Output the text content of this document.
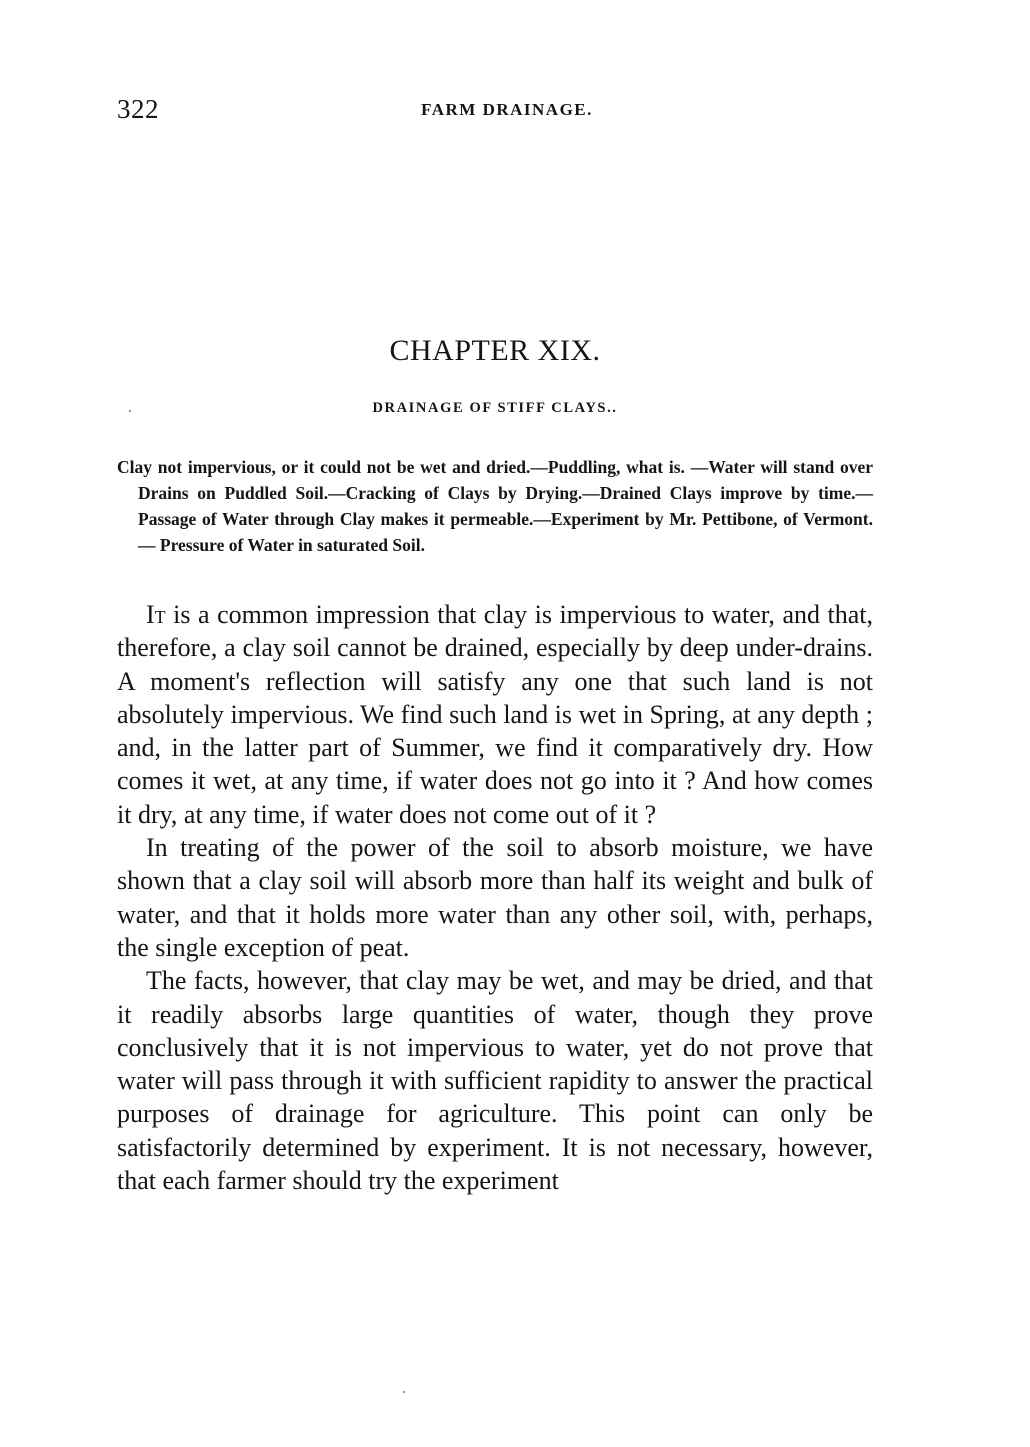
322	FARM DRAINAGE.
CHAPTER XIX.
DRAINAGE OF STIFF CLAYS..

Clay not impervious, or it could not be wet and dried.—Puddling, what is. —Water will stand over Drains on Puddled Soil.—Cracking of Clays by Drying.—Drained Clays improve by time.—Passage of Water through Clay makes it permeable.—Experiment by Mr. Pettibone, of Vermont.— Pressure of Water in saturated Soil.

It is a common impression that clay is impervious to water, and that, therefore, a clay soil cannot be drained, especially by deep under-drains. A moment's reflection will satisfy any one that such land is not absolutely impervious. We find such land is wet in Spring, at any depth ; and, in the latter part of Summer, we find it comparatively dry. How comes it wet, at any time, if water does not go into it ? And how comes it dry, at any time, if water does not come out of it ?

In treating of the power of the soil to absorb moisture, we have shown that a clay soil will absorb more than half its weight and bulk of water, and that it holds more water than any other soil, with, perhaps, the single exception of peat.

The facts, however, that clay may be wet, and may be dried, and that it readily absorbs large quantities of water, though they prove conclusively that it is not impervious to water, yet do not prove that water will pass through it with sufficient rapidity to answer the practical purposes of drainage for agriculture. This point can only be satisfactorily determined by experiment. It is not necessary, however, that each farmer should try the experiment
